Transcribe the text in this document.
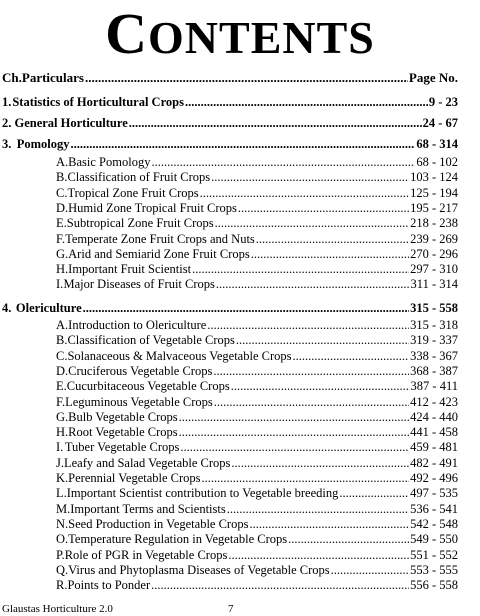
CONTENTS
Ch. Particulars .....	Page No.
1. Statistics of Horticultural Crops .....	9 - 23
2. General Horticulture .....	24 - 67
3. Pomology .....	68 - 314
A. Basic Pomology .....	68 - 102
B. Classification of Fruit Crops .....	103 - 124
C. Tropical Zone Fruit Crops .....	125 - 194
D. Humid Zone Tropical Fruit Crops .....	195 - 217
E. Subtropical Zone Fruit Crops .....	218 - 238
F. Temperate Zone Fruit Crops and Nuts .....	239 - 269
G. Arid and Semiarid Zone Fruit Crops .....	270 - 296
H. Important Fruit Scientist .....	297 - 310
I. Major Diseases of Fruit Crops .....	311 - 314
4. Olericulture .....	315 - 558
A. Introduction to Olericulture .....	315 - 318
B. Classification of Vegetable Crops .....	319 - 337
C. Solanaceous & Malvaceous Vegetable Crops .....	338 - 367
D. Cruciferous Vegetable Crops .....	368 - 387
E. Cucurbitaceous Vegetable Crops .....	387 - 411
F. Leguminous Vegetable Crops .....	412 - 423
G. Bulb Vegetable Crops .....	424 - 440
H. Root Vegetable Crops .....	441 - 458
I. Tuber Vegetable Crops .....	459 - 481
J. Leafy and Salad Vegetable Crops .....	482 - 491
K. Perennial Vegetable Crops .....	492 - 496
L. Important Scientist contribution to Vegetable breeding .....	497 - 535
M. Important Terms and Scientists .....	536 - 541
N. Seed Production in Vegetable Crops .....	542 - 548
O. Temperature Regulation in Vegetable Crops .....	549 - 550
P. Role of PGR in Vegetable Crops .....	551 - 552
Q. Virus and Phytoplasma Diseases of Vegetable Crops .....	553 - 555
R. Points to Ponder .....	556 - 558
Glaustas Horticulture 2.0	7
